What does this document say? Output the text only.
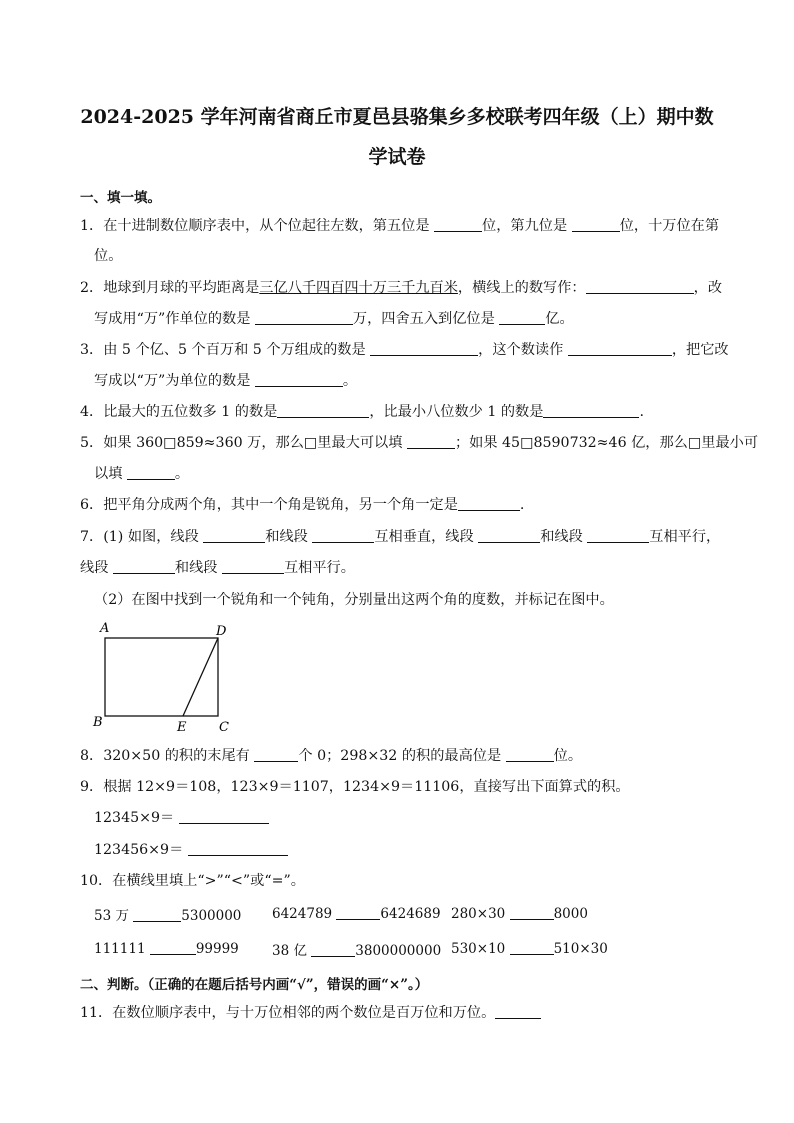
2024-2025 学年河南省商丘市夏邑县骆集乡多校联考四年级（上）期中数
学试卷
一、填一填。
1．在十进制数位顺序表中，从个位起往左数，第五位是	位，第九位是	位，十万位在第
位。
2．地球到月球的平均距离是三亿八千四百四十万三千九百米，横线上的数写作：	，改
写成用“万”作单位的数是	万，四舍五入到亿位是	亿。
3．由 5 个亿、5 个百万和 5 个万组成的数是	，这个数读作	，把它改
写成以“万”为单位的数是	。
4．比最大的五位数多 1 的数是	，比最小八位数少 1 的数是	.
5．如果 360□859≈360 万，那么□里最大可以填	；如果 45□8590732≈46 亿，那么□里最小可
以填	。
6．把平角分成两个角，其中一个角是锐角，另一个角一定是	.
7．(1) 如图，线段	和线段	互相垂直，线段	和线段	互相平行，
线段	和线段	互相平行。
（2）在图中找到一个锐角和一个钝角，分别量出这两个角的度数，并标记在图中。
A	D
B	E	C
8．320×50 的积的末尾有	个 0；298×32 的积的最高位是	位。
9．根据 12×9＝108，123×9＝1107，1234×9＝11106，直接写出下面算式的积。
12345×9＝
123456×9＝
10．在横线里填上“>”“<”或“=”。
53 万	5300000 6424789	6424689 280×30	8000
111111	99999 38 亿	3800000000 530×10	510×30
二、判断。（正确的在题后括号内画“√”，错误的画“×”。）
11．在数位顺序表中，与十万位相邻的两个数位是百万位和万位。
